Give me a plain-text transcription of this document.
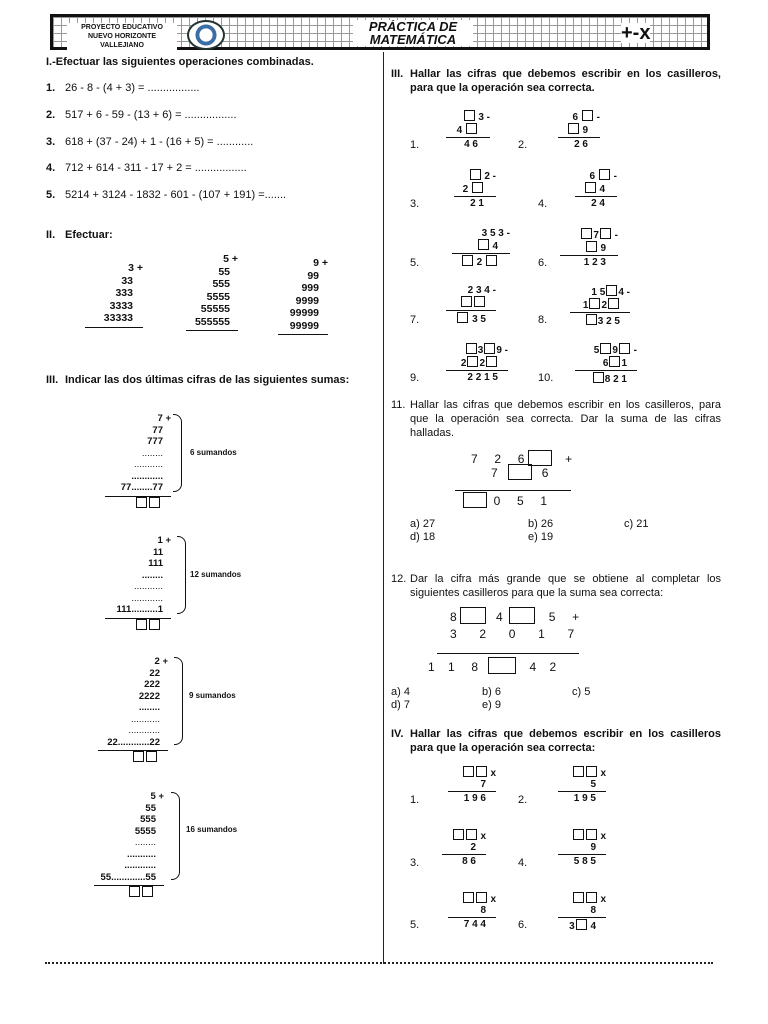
PROYECTO EDUCATIVO
NUEVO HORIZONTE VALLEJIANO
PRÁCTICA DE MATEMÁTICA	+-x
I.-Efectuar las siguientes operaciones combinadas.
1. 26 - 8 - (4 + 3) = .................
2. 517 + 6 - 59 - (13 + 6) = .................
3. 618 + (37 - 24) + 1 - (16 + 5) = ............
4. 712 + 614 - 311 - 17 + 2 = .................
5. 5214 + 3124 - 1832 - 601 - (107 + 191) =.......
II. Efectuar:
3 +
33
333
3333
33333
5 +
55
555
5555
55555
555555
9 +
99
999
9999
99999
99999
III. Indicar las dos últimas cifras de las siguientes sumas:
7 +
77
777
........
...........
............
77........77
6 sumandos
1 +
11
111
........
...........
............
111..........1
12 sumandos
2 +
22
222
2222
........
...........
............
22............22
9 sumandos
5 +
55
555
5555
........
...........
............
55.............55
16 sumandos
III. Hallar las cifras que debemos escribir en los casilleros, para que la operación sea correcta.
1.	2.
3.	4.
5.	6.
7.	8.
9.	10.
3 -
4
4 6
6 -
9
2 6
2 -
2
2 1
6 -
4
2 4
3 5 3 -
4
2
7 -
9
1 2 3
2 3 4 -
3 5
1 5 4 -
1 2
3 2 5
3 9 -
2 2
2 2 1 5
5 9 -
6 1
8 2 1
11. Hallar las cifras que debemos escribir en los casilleros, para que la operación sea correcta. Dar la suma de las cifras halladas.
7 2 6	+
7	6
0 5 1
a) 27	b) 26	c) 21
d) 18	e) 19
12. Dar la cifra más grande que se obtiene al completar los siguientes casilleros para que la suma sea correcta:
8	4	5 +
3 2 0 1 7
1 1 8	4 2
a) 4	b) 6	c) 5
d) 7	e) 9
IV. Hallar las cifras que debemos escribir en los casilleros para que la operación sea correcta:
1.	2.
3.	4.
5.	6.
x
7
1 9 6
x
5
1 9 5
x
2
8 6
x
9
5 8 5
x
8
7 4 4
x
8
3 4
